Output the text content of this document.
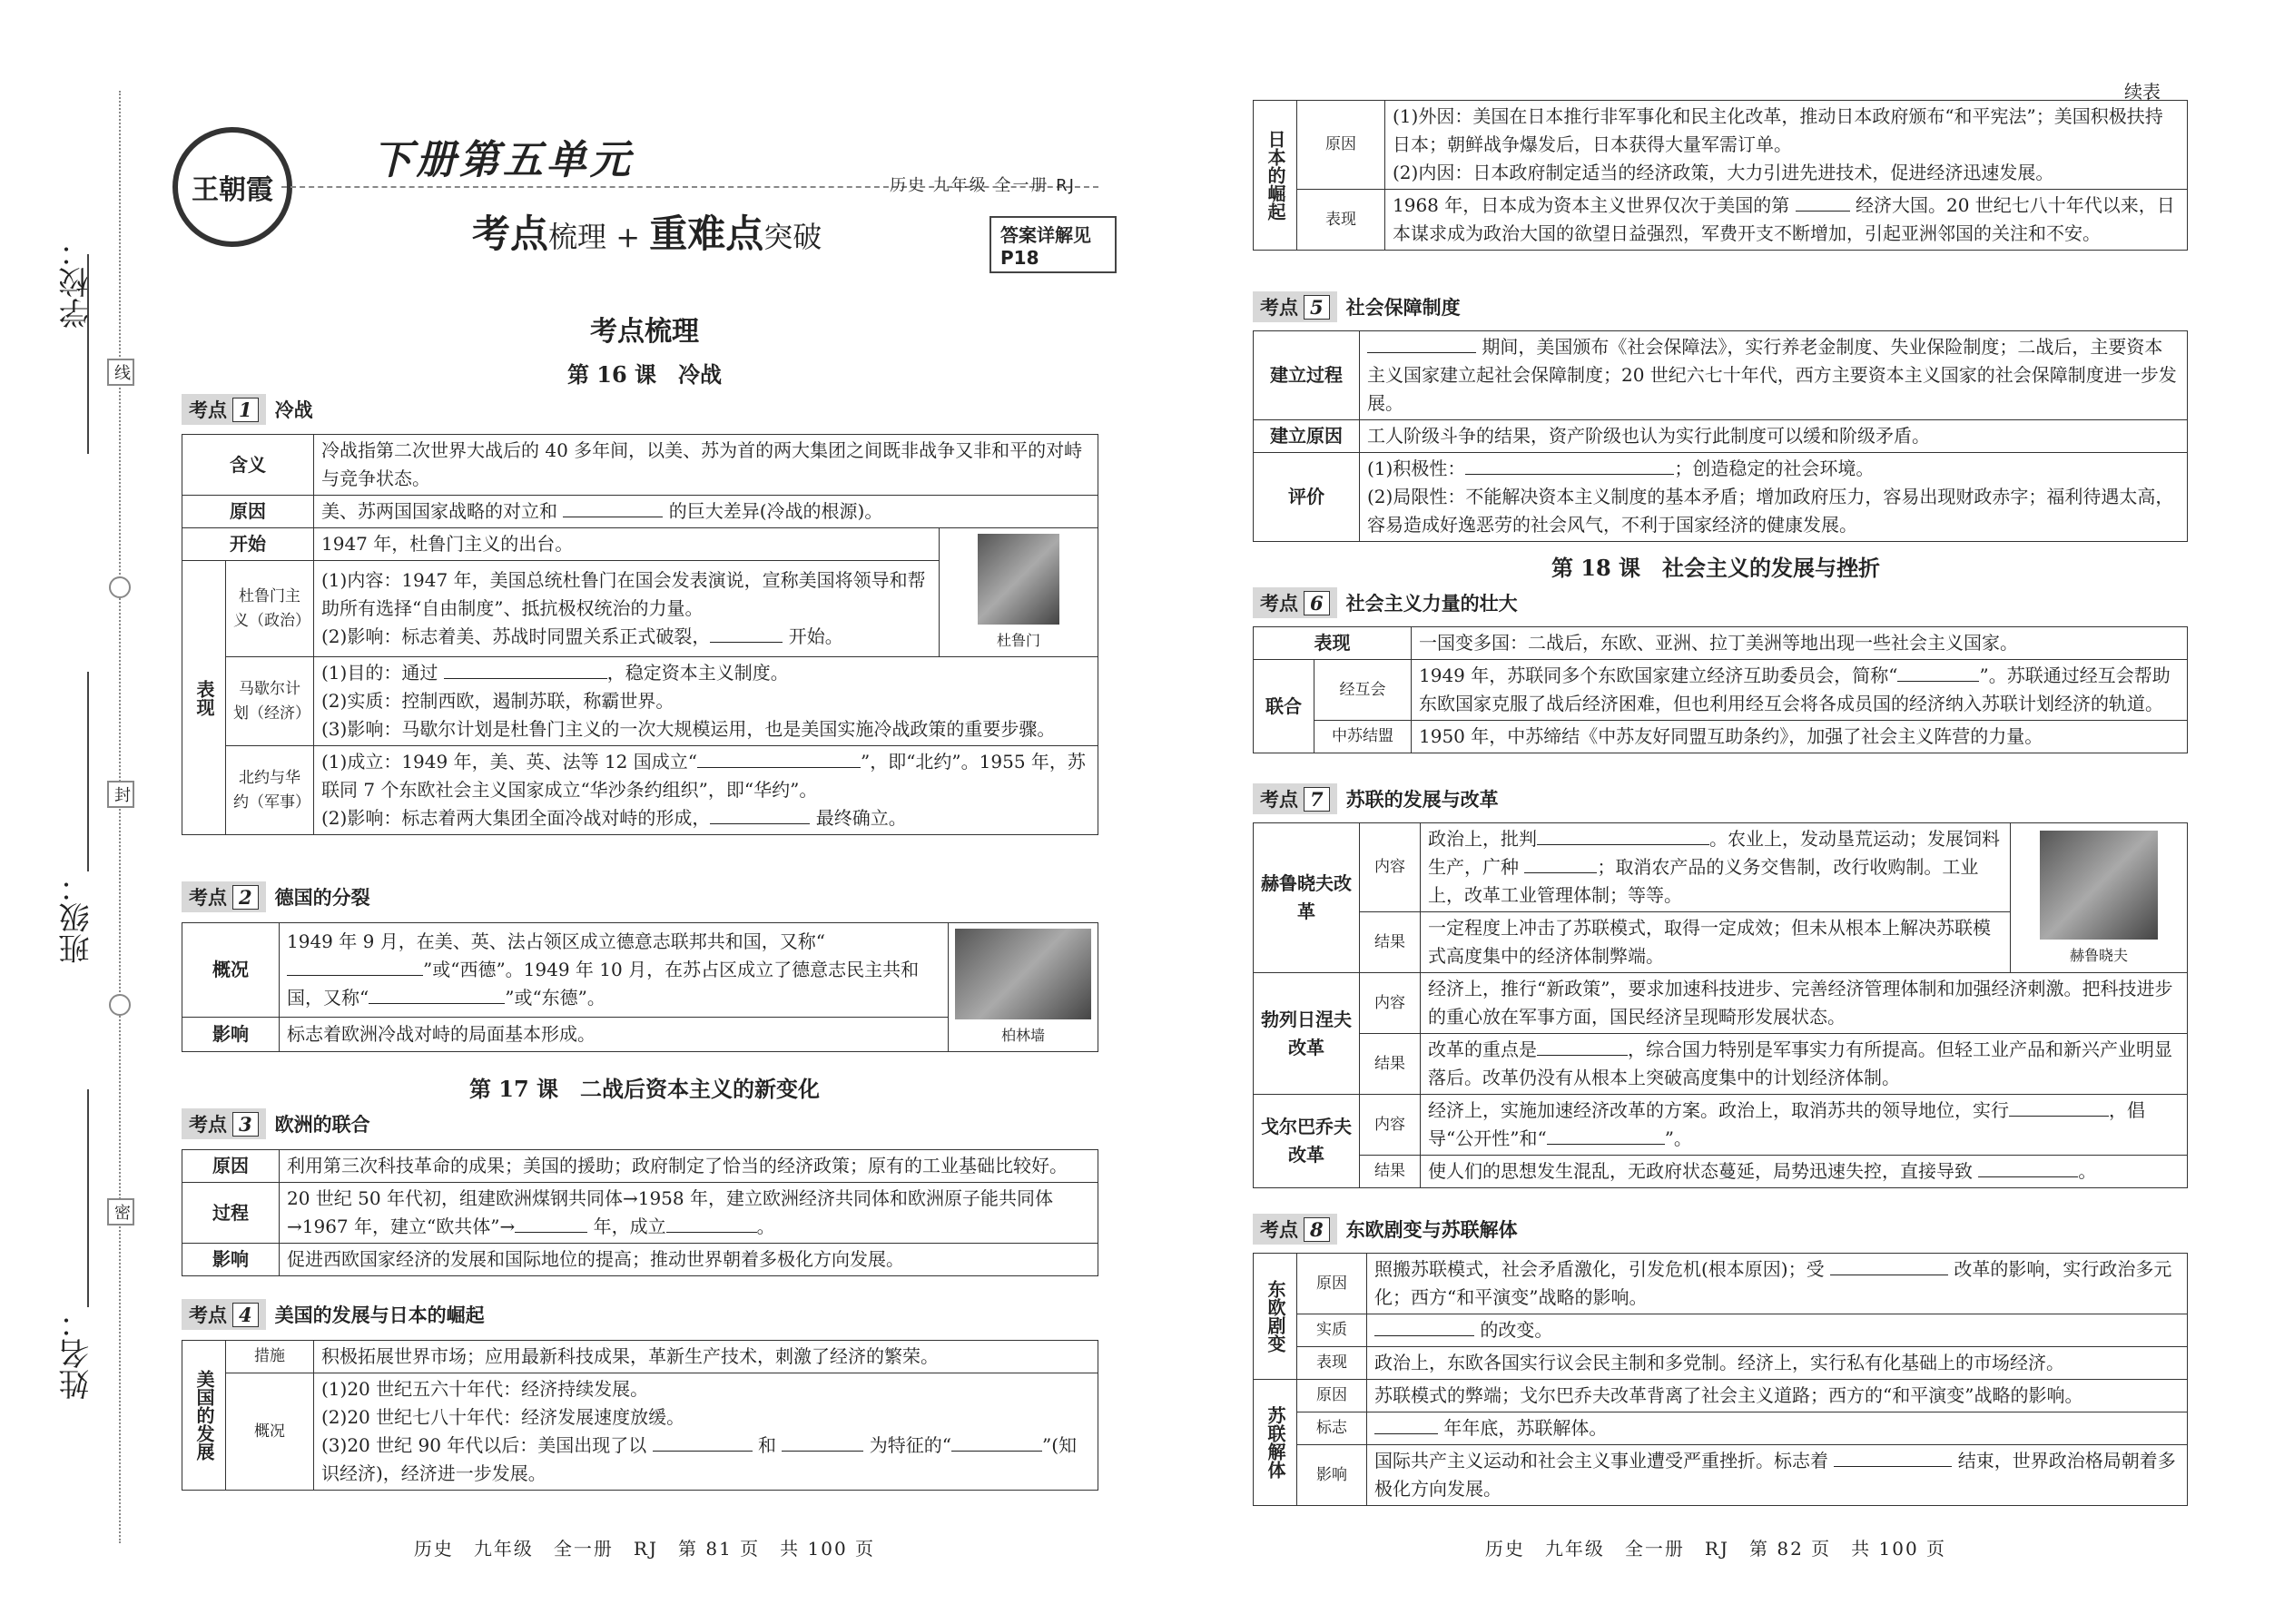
学校：
班级：
姓名：
线
封
密
王朝霞
下册第五单元
历史 九年级 全一册 RJ
考点梳理 + 重难点突破	答案详解见 P18
考点梳理
第 16 课　冷战
考点 1	冷战
含义		冷战指第二次世界大战后的 40 多年间，以美、苏为首的两大集团之间既非战争又非和平的对峙与竞争状态。	
原因		美、苏两国国家战略的对立和 的巨大差异(冷战的根源)。	
开始		1947 年，杜鲁门主义的出台。	杜鲁门

表现	杜鲁门主义（政治）	(1)内容：1947 年，美国总统杜鲁门在国会发表演说，宣称美国将领导和帮助所有选择“自由制度”、抵抗极权统治的力量。
(2)影响：标志着美、苏战时同盟关系正式破裂， 开始。	

	马歇尔计划（经济）	(1)目的：通过 ，稳定资本主义制度。
(2)实质：控制西欧，遏制苏联，称霸世界。
(3)影响：马歇尔计划是杜鲁门主义的一次大规模运用，也是美国实施冷战政策的重要步骤。	

	北约与华约（军事）	(1)成立：1949 年，美、英、法等 12 国成立“ ”，即“北约”。1955 年，苏联同 7 个东欧社会主义国家成立“华沙条约组织”，即“华约”。
(2)影响：标志着两大集团全面冷战对峙的形成， 最终确立。	
考点 2	德国的分裂
概况	1949 年 9 月，在美、英、法占领区成立德意志联邦共和国，又称“”或“西德”。1949 年 10 月，在苏占区成立了德意志民主共和国，又称“ ”或“东德”。	柏林墙

影响	标志着欧洲冷战对峙的局面基本形成。	
第 17 课　二战后资本主义的新变化
考点 3	欧洲的联合
原因	利用第三次科技革命的成果；美国的援助；政府制定了恰当的经济政策；原有的工业基础比较好。
过程	20 世纪 50 年代初，组建欧洲煤钢共同体→1958 年，建立欧洲经济共同体和欧洲原子能共同体→1967 年，建立“欧共体”→ 年，成立 。
影响	促进西欧国家经济的发展和国际地位的提高；推动世界朝着多极化方向发展。
考点 4	美国的发展与日本的崛起
美国的发展	措施	积极拓展世界市场；应用最新科技成果，革新生产技术，刺激了经济的繁荣。
	概况	(1)20 世纪五六十年代：经济持续发展。
(2)20 世纪七八十年代：经济发展速度放缓。
(3)20 世纪 90 年代以后：美国出现了以 和 为特征的“ ”(知识经济)，经济进一步发展。
历史　九年级　全一册　RJ　第 81 页　共 100 页
续表
日本的崛起	原因	(1)外因：美国在日本推行非军事化和民主化改革，推动日本政府颁布“和平宪法”；美国积极扶持日本；朝鲜战争爆发后，日本获得大量军需订单。
(2)内因：日本政府制定适当的经济政策，大力引进先进技术，促进经济迅速发展。

	表现	1968 年，日本成为资本主义世界仅次于美国的第 经济大国。20 世纪七八十年代以来，日本谋求成为政治大国的欲望日益强烈，军费开支不断增加，引起亚洲邻国的关注和不安。
考点 5	社会保障制度
建立过程	期间，美国颁布《社会保障法》，实行养老金制度、失业保险制度；二战后，主要资本主义国家建立起社会保障制度；20 世纪六七十年代，西方主要资本主义国家的社会保障制度进一步发展。
建立原因	工人阶级斗争的结果，资产阶级也认为实行此制度可以缓和阶级矛盾。
评价	(1)积极性： ；创造稳定的社会环境。
(2)局限性：不能解决资本主义制度的基本矛盾；增加政府压力，容易出现财政赤字；福利待遇太高，容易造成好逸恶劳的社会风气，不利于国家经济的健康发展。
第 18 课　社会主义的发展与挫折
考点 6	社会主义力量的壮大
表现		一国变多国：二战后，东欧、亚洲、拉丁美洲等地出现一些社会主义国家。
联合	经互会	1949 年，苏联同多个东欧国家建立经济互助委员会，简称“ ”。苏联通过经互会帮助东欧国家克服了战后经济困难，但也利用经互会将各成员国的经济纳入苏联计划经济的轨道。
	中苏结盟	1950 年，中苏缔结《中苏友好同盟互助条约》，加强了社会主义阵营的力量。
考点 7	苏联的发展与改革
赫鲁晓夫改革	内容	政治上，批判 。农业上，发动垦荒运动；发展饲料生产，广种 ；取消农产品的义务交售制，改行收购制。工业上，改革工业管理体制；等等。	赫鲁晓夫

	结果	一定程度上冲击了苏联模式，取得一定成效；但未从根本上解决苏联模式高度集中的经济体制弊端。	
勃列日涅夫改革	内容	经济上，推行“新政策”，要求加速科技进步、完善经济管理体制和加强经济刺激。把科技进步的重心放在军事方面，国民经济呈现畸形发展状态。	
	结果	改革的重点是 ，综合国力特别是军事实力有所提高。但轻工业产品和新兴产业明显落后。改革仍没有从根本上突破高度集中的计划经济体制。	
戈尔巴乔夫改革	内容	经济上，实施加速经济改革的方案。政治上，取消苏共的领导地位，实行 ，倡导“公开性”和“ ”。	
	结果	使人们的思想发生混乱，无政府状态蔓延，局势迅速失控，直接导致 。	
考点 8	东欧剧变与苏联解体
东欧剧变	原因	照搬苏联模式，社会矛盾激化，引发危机(根本原因)；受 改革的影响，实行政治多元化；西方“和平演变”战略的影响。
	实质	的改变。
	表现	政治上，东欧各国实行议会民主制和多党制。经济上，实行私有化基础上的市场经济。
苏联解体	原因	苏联模式的弊端；戈尔巴乔夫改革背离了社会主义道路；西方的“和平演变”战略的影响。
	标志	年年底，苏联解体。
	影响	国际共产主义运动和社会主义事业遭受严重挫折。标志着 结束，世界政治格局朝着多极化方向发展。
历史　九年级　全一册　RJ　第 82 页　共 100 页
